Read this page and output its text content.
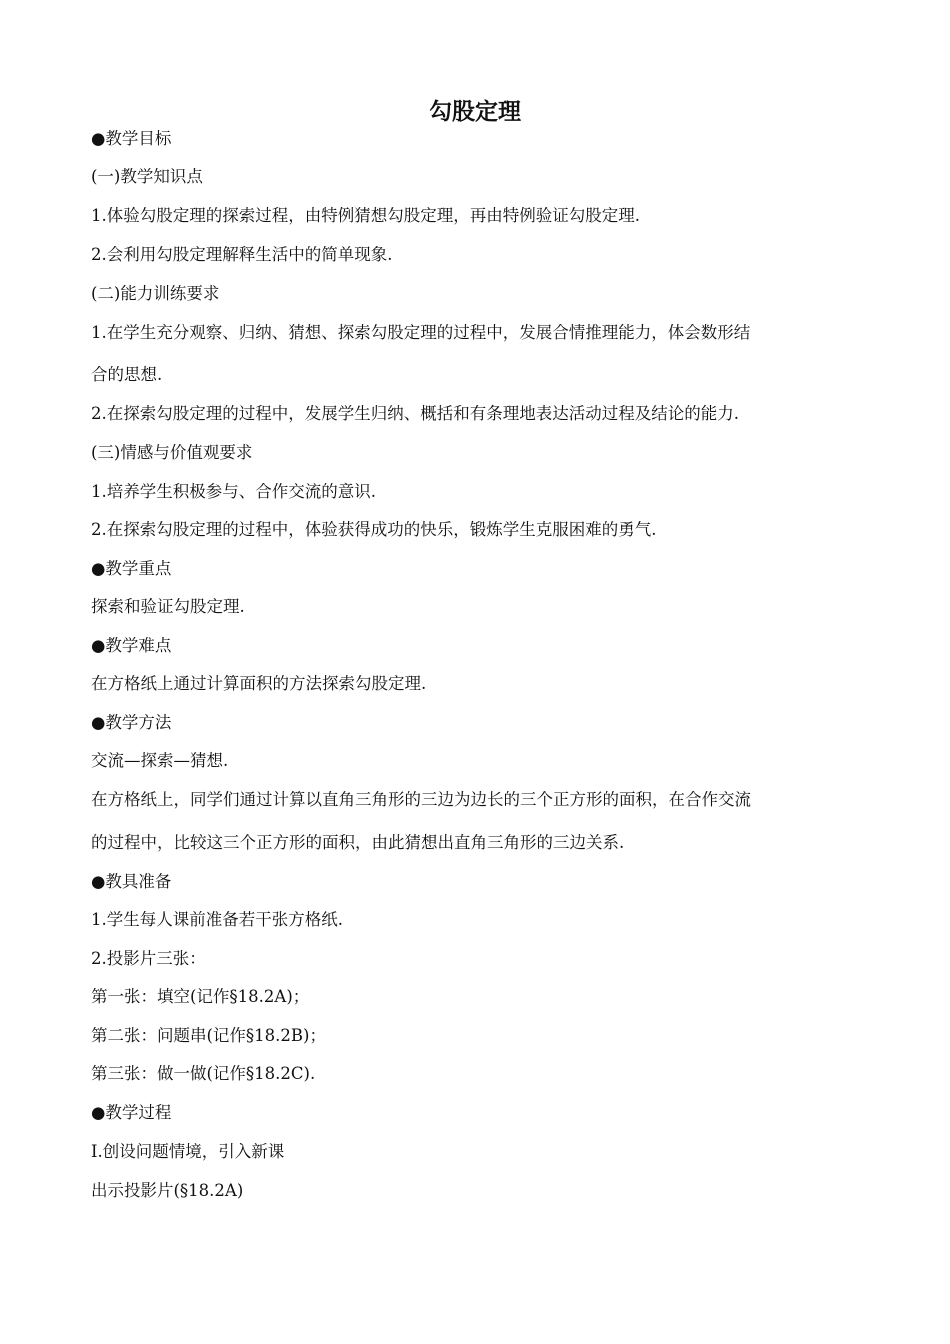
勾股定理
●教学目标
(一)教学知识点
1.体验勾股定理的探索过程，由特例猜想勾股定理，再由特例验证勾股定理.
2.会利用勾股定理解释生活中的简单现象.
(二)能力训练要求
1.在学生充分观察、归纳、猜想、探索勾股定理的过程中，发展合情推理能力，体会数形结
合的思想.
2.在探索勾股定理的过程中，发展学生归纳、概括和有条理地表达活动过程及结论的能力.
(三)情感与价值观要求
1.培养学生积极参与、合作交流的意识.
2.在探索勾股定理的过程中，体验获得成功的快乐，锻炼学生克服困难的勇气.
●教学重点
探索和验证勾股定理.
●教学难点
在方格纸上通过计算面积的方法探索勾股定理.
●教学方法
交流—探索—猜想.
在方格纸上，同学们通过计算以直角三角形的三边为边长的三个正方形的面积，在合作交流
的过程中，比较这三个正方形的面积，由此猜想出直角三角形的三边关系.
●教具准备
1.学生每人课前准备若干张方格纸.
2.投影片三张：
第一张：填空(记作§18.2A)；
第二张：问题串(记作§18.2B)；
第三张：做一做(记作§18.2C).
●教学过程
Ⅰ.创设问题情境，引入新课
出示投影片(§18.2A)
